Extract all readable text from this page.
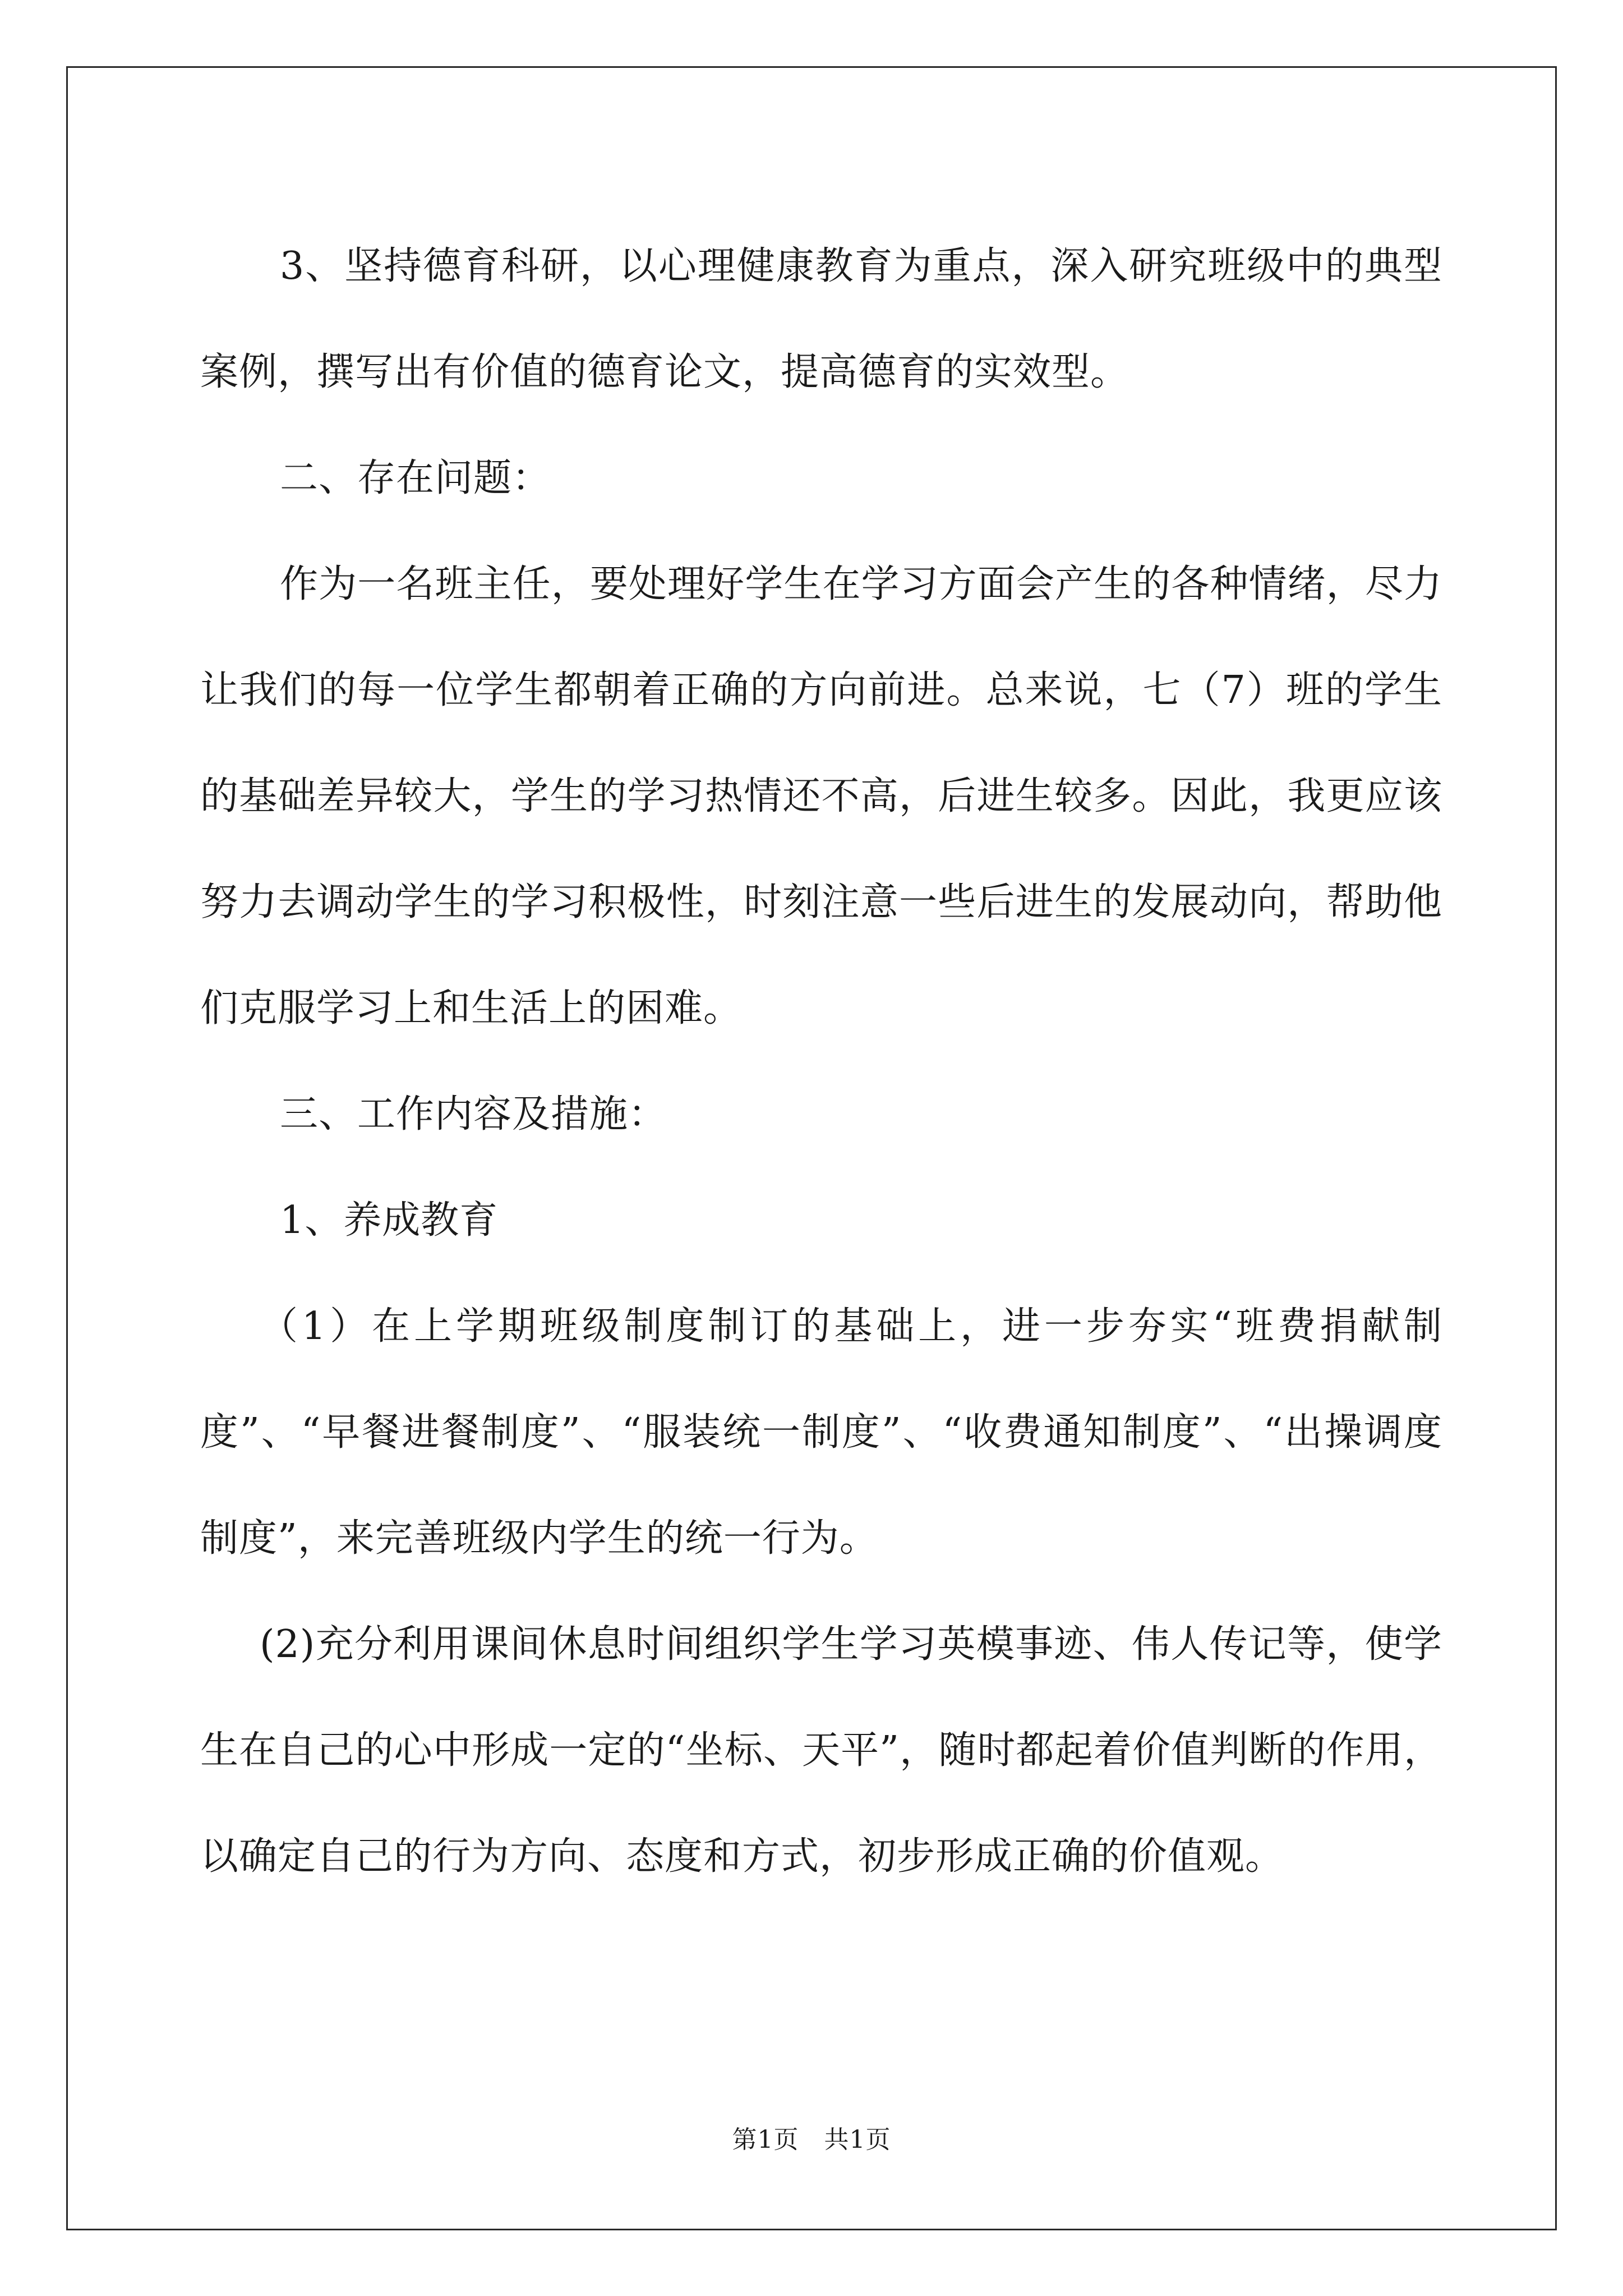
3、坚持德育科研，以心理健康教育为重点，深入研究班级中的典型案例，撰写出有价值的德育论文，提高德育的实效型。

二、存在问题：

作为一名班主任，要处理好学生在学习方面会产生的各种情绪，尽力让我们的每一位学生都朝着正确的方向前进。总来说，七（7）班的学生的基础差异较大，学生的学习热情还不高，后进生较多。因此，我更应该努力去调动学生的学习积极性，时刻注意一些后进生的发展动向，帮助他们克服学习上和生活上的困难。

三、工作内容及措施：

1、养成教育

（1）在上学期班级制度制订的基础上，进一步夯实“班费捐献制度”、“早餐进餐制度”、“服装统一制度”、“收费通知制度”、“出操调度制度”，来完善班级内学生的统一行为。

(2)充分利用课间休息时间组织学生学习英模事迹、伟人传记等，使学生在自己的心中形成一定的“坐标、天平”，随时都起着价值判断的作用，以确定自己的行为方向、态度和方式，初步形成正确的价值观。

第1页　共1页
